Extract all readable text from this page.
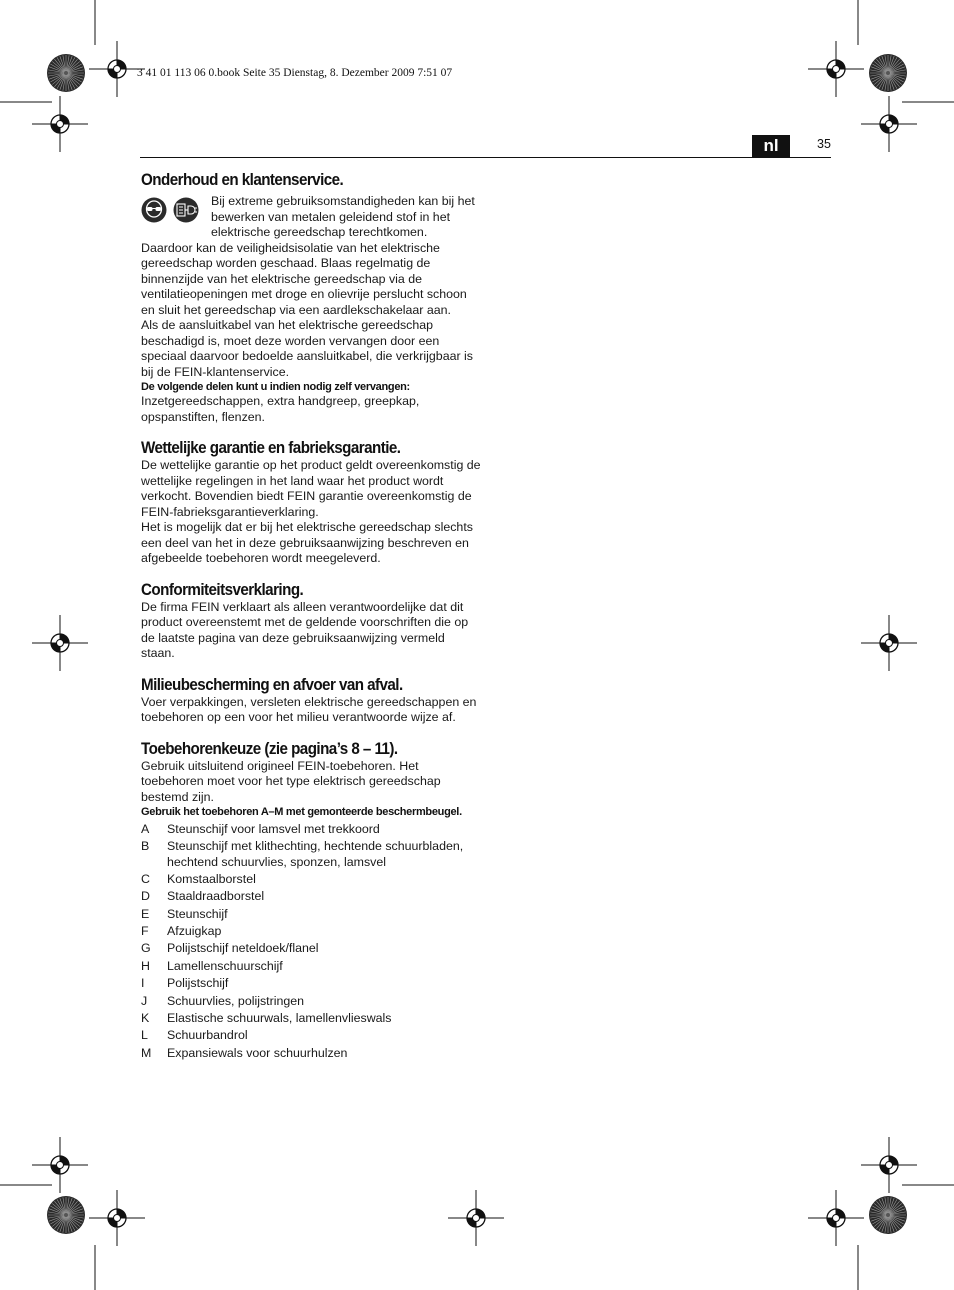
3 41 01 113 06 0.book Seite 35 Dienstag, 8. Dezember 2009 7:51 07
nl	35
Onderhoud en klantenservice.

Bij extreme gebruiksomstandigheden kan bij het bewerken van metalen geleidend stof in het elektrische gereedschap terechtkomen.

Daardoor kan de veiligheidsisolatie van het elektrische gereedschap worden geschaad. Blaas regelmatig de binnenzijde van het elektrische gereedschap via de ventilatieopeningen met droge en olievrije perslucht schoon en sluit het gereedschap via een aardlekschakelaar aan.

Als de aansluitkabel van het elektrische gereedschap beschadigd is, moet deze worden vervangen door een speciaal daarvoor bedoelde aansluitkabel, die verkrijgbaar is bij de FEIN-klantenservice.

De volgende delen kunt u indien nodig zelf vervangen:

Inzetgereedschappen, extra handgreep, greepkap, opspanstiften, flenzen.

Wettelijke garantie en fabrieksgarantie.

De wettelijke garantie op het product geldt overeenkomstig de wettelijke regelingen in het land waar het product wordt verkocht. Bovendien biedt FEIN garantie overeenkomstig de FEIN-fabrieksgarantieverklaring.

Het is mogelijk dat er bij het elektrische gereedschap slechts een deel van het in deze gebruiksaanwijzing beschreven en afgebeelde toebehoren wordt meegeleverd.

Conformiteitsverklaring.

De firma FEIN verklaart als alleen verantwoordelijke dat dit product overeenstemt met de geldende voorschriften die op de laatste pagina van deze gebruiksaanwijzing vermeld staan.

Milieubescherming en afvoer van afval.

Voer verpakkingen, versleten elektrische gereedschappen en toebehoren op een voor het milieu verantwoorde wijze af.

Toebehorenkeuze (zie pagina’s 8 – 11).

Gebruik uitsluitend origineel FEIN-toebehoren. Het toebehoren moet voor het type elektrisch gereedschap bestemd zijn.

Gebruik het toebehoren A–M met gemonteerde beschermbeugel.

A	Steunschijf voor lamsvel met trekkoord
B	Steunschijf met klithechting, hechtende schuurbladen, hechtend schuurvlies, sponzen, lamsvel
C	Komstaalborstel
D	Staaldraadborstel
E	Steunschijf
F	Afzuigkap
G	Polijstschijf neteldoek/flanel
H	Lamellenschuurschijf
I	Polijstschijf
J	Schuurvlies, polijstringen
K	Elastische schuurwals, lamellenvlieswals
L	Schuurbandrol
M	Expansiewals voor schuurhulzen
